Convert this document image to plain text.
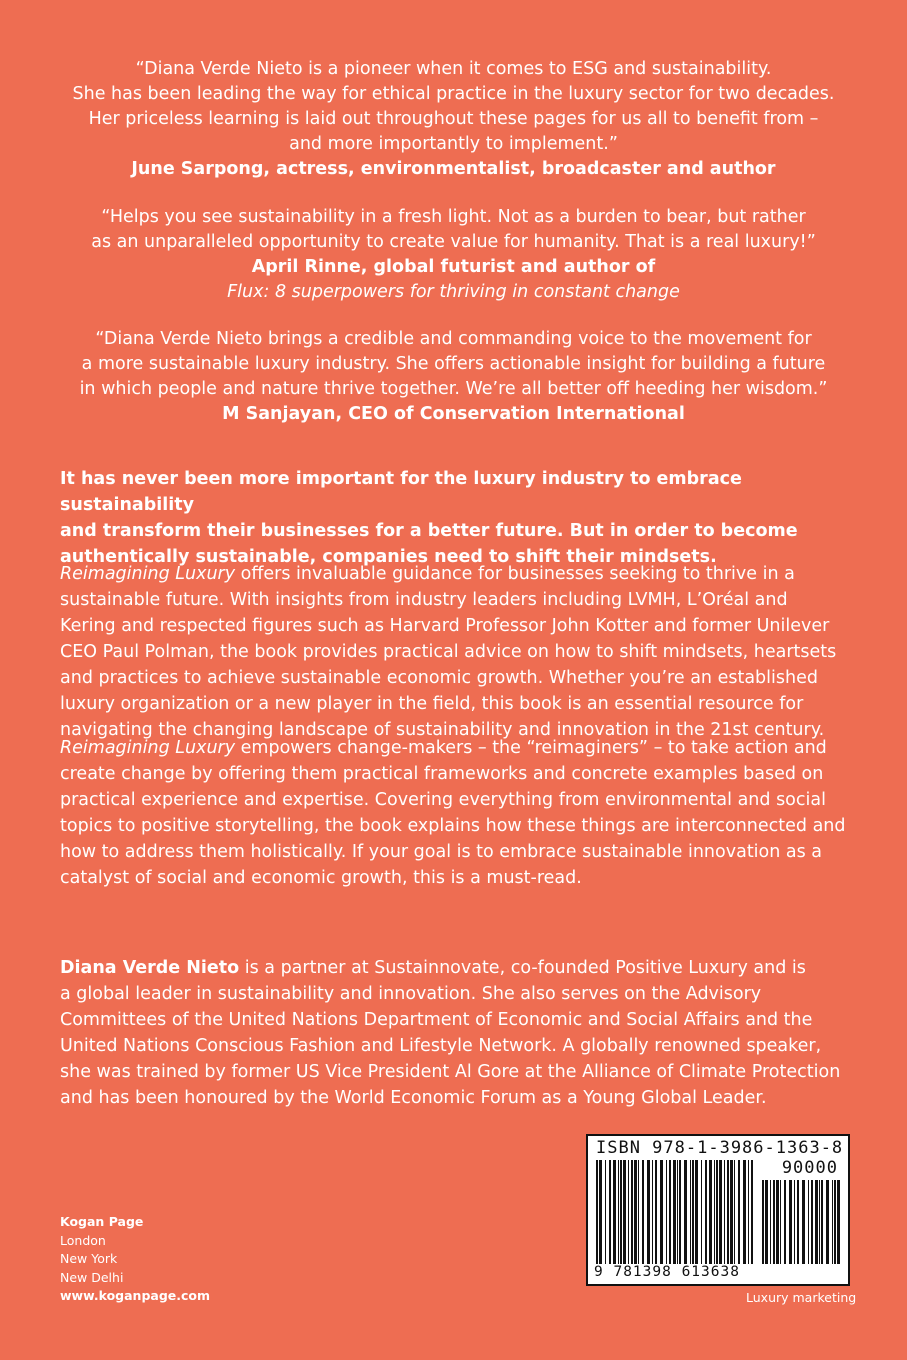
“Diana Verde Nieto is a pioneer when it comes to ESG and sustainability.
She has been leading the way for ethical practice in the luxury sector for two decades.
Her priceless learning is laid out throughout these pages for us all to benefit from –
and more importantly to implement.”
June Sarpong, actress, environmentalist, broadcaster and author
“Helps you see sustainability in a fresh light. Not as a burden to bear, but rather
as an unparalleled opportunity to create value for humanity. That is a real luxury!”
April Rinne, global futurist and author of
Flux: 8 superpowers for thriving in constant change
“Diana Verde Nieto brings a credible and commanding voice to the movement for
a more sustainable luxury industry. She offers actionable insight for building a future
in which people and nature thrive together. We’re all better off heeding her wisdom.”
M Sanjayan, CEO of Conservation International
It has never been more important for the luxury industry to embrace sustainability
and transform their businesses for a better future. But in order to become
authentically sustainable, companies need to shift their mindsets.
Reimagining Luxury offers invaluable guidance for businesses seeking to thrive in a
sustainable future. With insights from industry leaders including LVMH, L’Oréal and
Kering and respected figures such as Harvard Professor John Kotter and former Unilever
CEO Paul Polman, the book provides practical advice on how to shift mindsets, heartsets
and practices to achieve sustainable economic growth. Whether you’re an established
luxury organization or a new player in the field, this book is an essential resource for
navigating the changing landscape of sustainability and innovation in the 21st century.
Reimagining Luxury empowers change-makers – the “reimaginers” – to take action and
create change by offering them practical frameworks and concrete examples based on
practical experience and expertise. Covering everything from environmental and social
topics to positive storytelling, the book explains how these things are interconnected and
how to address them holistically. If your goal is to embrace sustainable innovation as a
catalyst of social and economic growth, this is a must-read.
Diana Verde Nieto is a partner at Sustainnovate, co-founded Positive Luxury and is
a global leader in sustainability and innovation. She also serves on the Advisory
Committees of the United Nations Department of Economic and Social Affairs and the
United Nations Conscious Fashion and Lifestyle Network. A globally renowned speaker,
she was trained by former US Vice President Al Gore at the Alliance of Climate Protection
and has been honoured by the World Economic Forum as a Young Global Leader.
Kogan Page
London
New York
New Delhi
www.koganpage.com
ISBN 978-1-3986-1363-8
90000
9 781398 613638
Luxury marketing
